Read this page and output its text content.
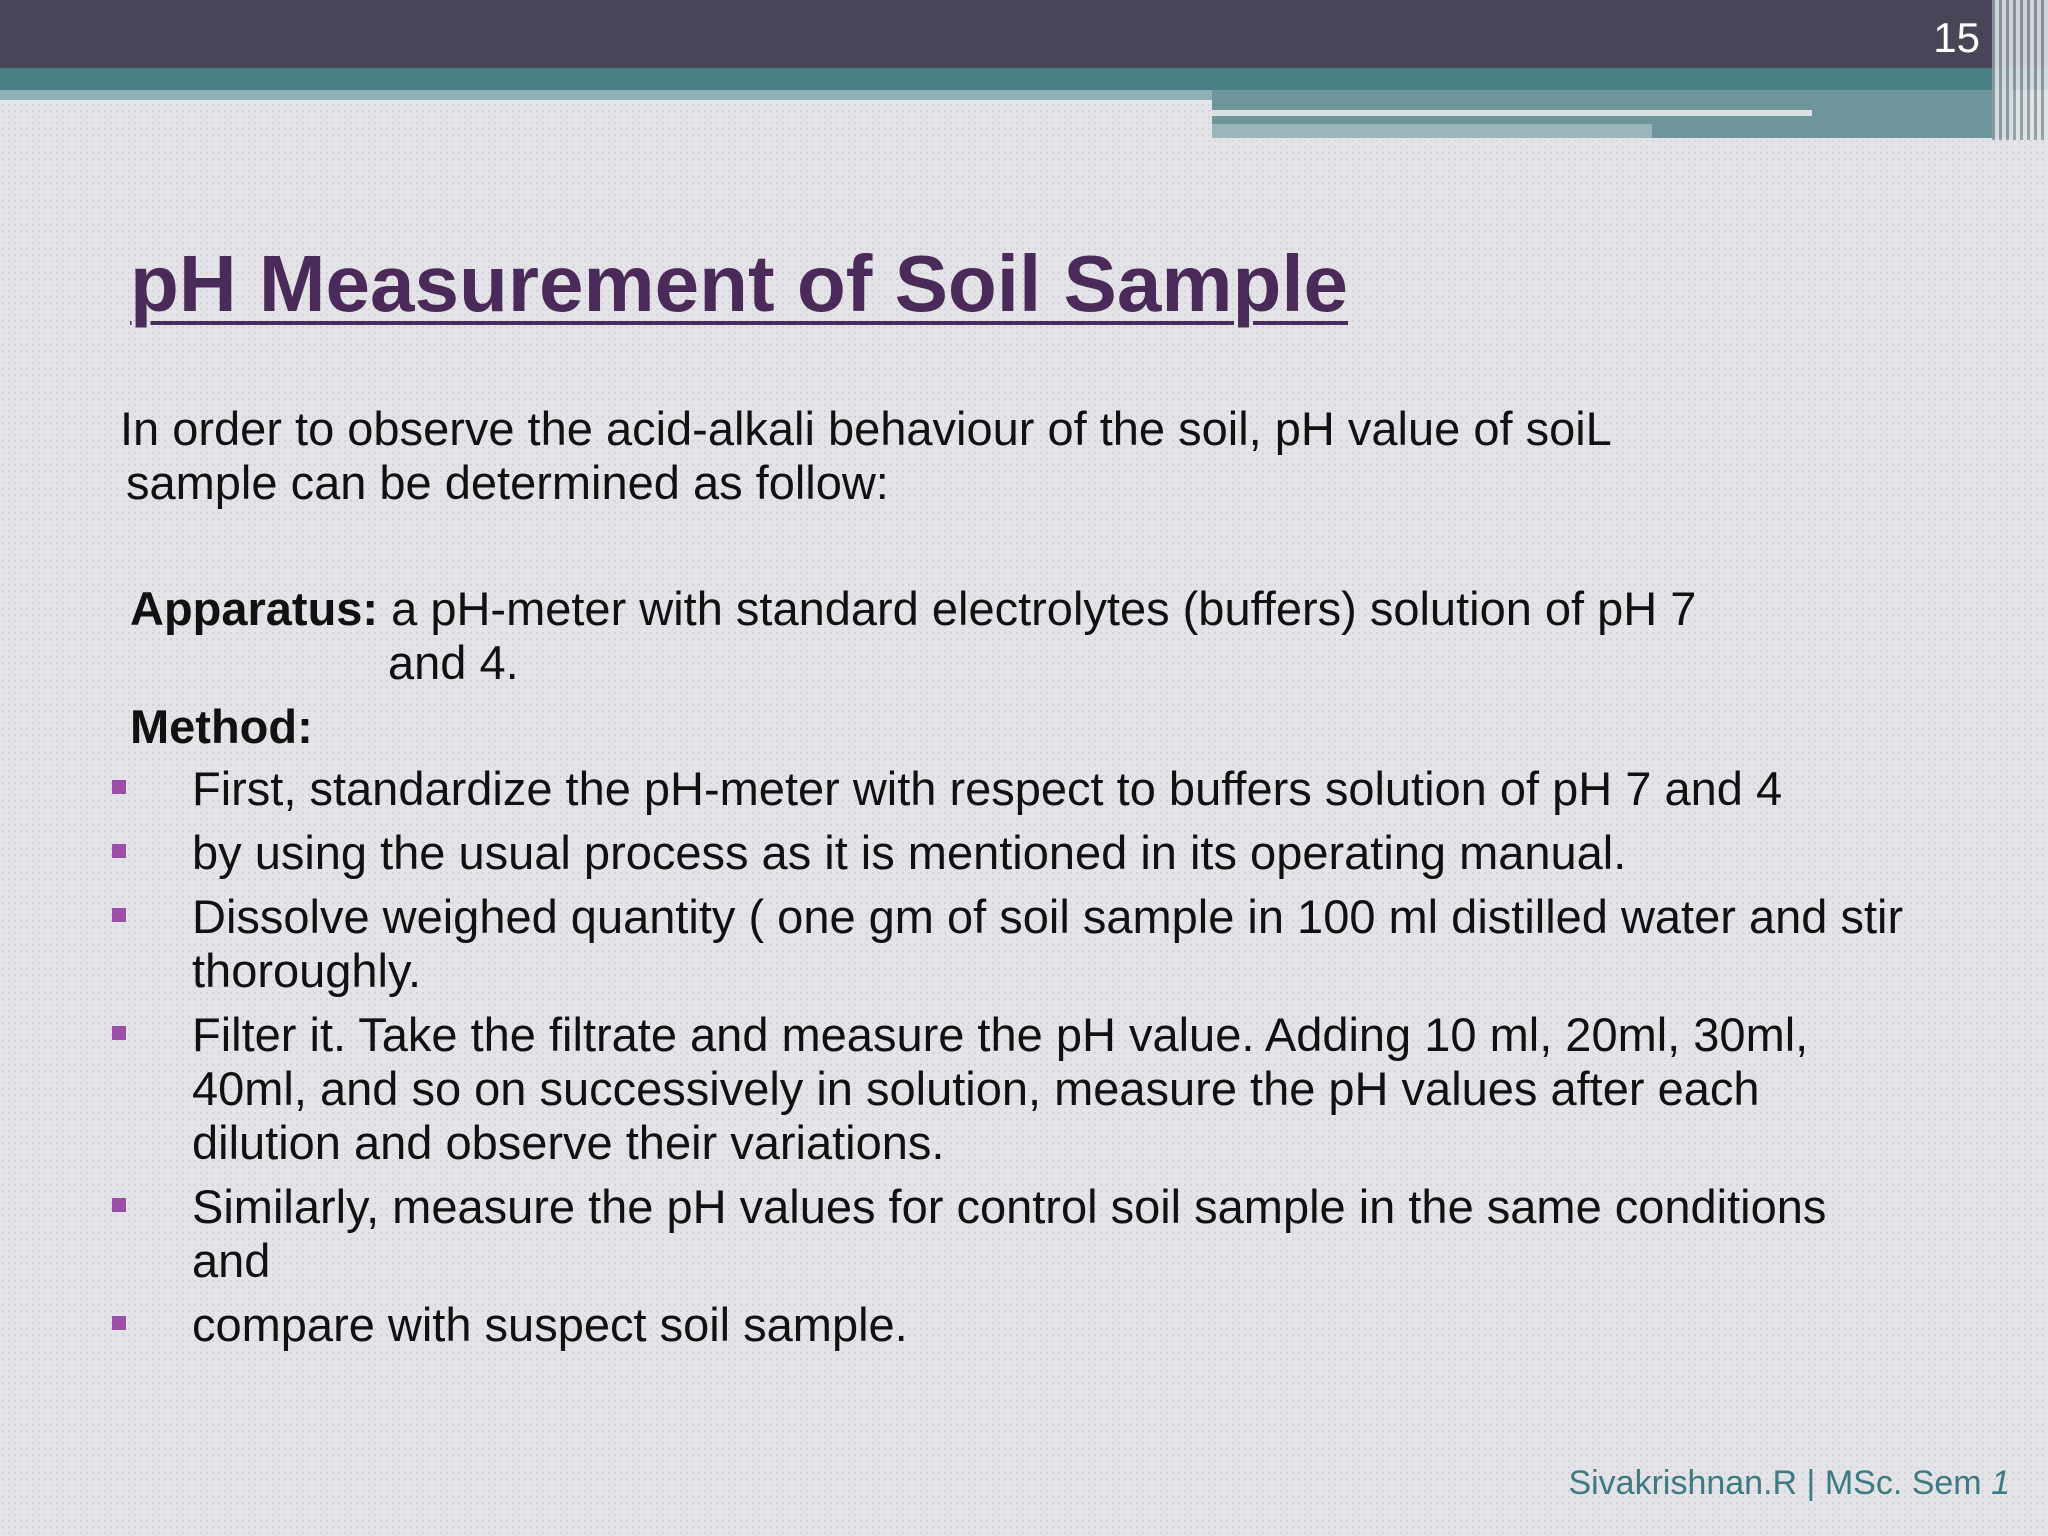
15
pH Measurement of Soil Sample
In order to observe the acid-alkali behaviour of the soil, pH value of soiL
sample can be determined as follow:
Apparatus: a pH-meter with standard electrolytes (buffers) solution of pH 7
and 4.
Method:
First, standardize the pH-meter with respect to buffers solution of pH 7 and 4
by using the usual process as it is mentioned in its operating manual.
Dissolve weighed quantity ( one gm of soil sample in 100 ml distilled water and stir thoroughly.
Filter it. Take the filtrate and measure the pH value. Adding 10 ml, 20ml, 30ml, 40ml, and so on successively in solution, measure the pH values after each dilution and observe their variations.
Similarly, measure the pH values for control soil sample in the same conditions and
compare with suspect soil sample.
Sivakrishnan.R | MSc. Sem 1
